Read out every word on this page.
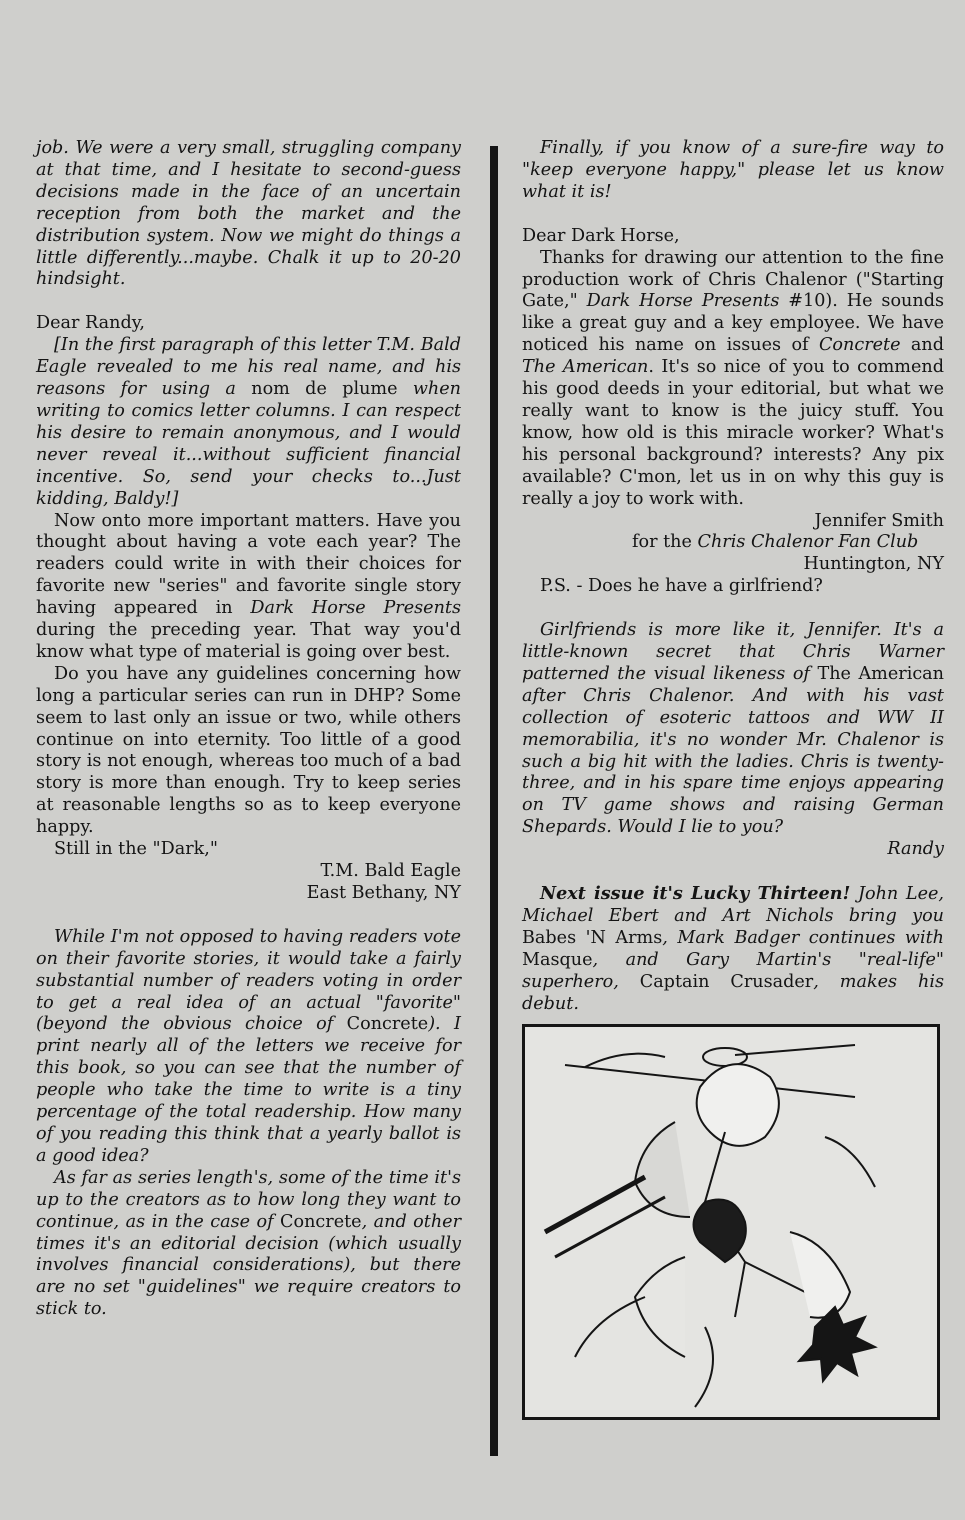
job. We were a very small, struggling company at that time, and I hesitate to second-guess decisions made in the face of an uncertain reception from both the market and the distribution system. Now we might do things a little differently...maybe. Chalk it up to 20-20 hindsight.

Dear Randy,

[In the first paragraph of this letter T.M. Bald Eagle revealed to me his real name, and his reasons for using a nom de plume when writing to comics letter columns. I can respect his desire to remain anonymous, and I would never reveal it...without sufficient financial incentive. So, send your checks to...Just kidding, Baldy!]

Now onto more important matters. Have you thought about having a vote each year? The readers could write in with their choices for favorite new "series" and favorite single story having appeared in Dark Horse Presents during the preceding year. That way you'd know what type of material is going over best.

Do you have any guidelines concerning how long a particular series can run in DHP? Some seem to last only an issue or two, while others continue on into eternity. Too little of a good story is not enough, whereas too much of a bad story is more than enough. Try to keep series at reasonable lengths so as to keep everyone happy.

Still in the "Dark,"

T.M. Bald Eagle

East Bethany, NY

While I'm not opposed to having readers vote on their favorite stories, it would take a fairly substantial number of readers voting in order to get a real idea of an actual "favorite" (beyond the obvious choice of Concrete). I print nearly all of the letters we receive for this book, so you can see that the number of people who take the time to write is a tiny percentage of the total readership. How many of you reading this think that a yearly ballot is a good idea?

As far as series length's, some of the time it's up to the creators as to how long they want to continue, as in the case of Concrete, and other times it's an editorial decision (which usually involves financial considerations), but there are no set "guidelines" we require creators to stick to.

Finally, if you know of a sure-fire way to "keep everyone happy," please let us know what it is!

Dear Dark Horse,

Thanks for drawing our attention to the fine production work of Chris Chalenor ("Starting Gate," Dark Horse Presents #10). He sounds like a great guy and a key employee. We have noticed his name on issues of Concrete and The American. It's so nice of you to commend his good deeds in your editorial, but what we really want to know is the juicy stuff. You know, how old is this miracle worker? What's his personal background? interests? Any pix available? C'mon, let us in on why this guy is really a joy to work with.

Jennifer Smith

for the Chris Chalenor Fan Club

Huntington, NY

P.S. - Does he have a girlfriend?

Girlfriends is more like it, Jennifer. It's a little-known secret that Chris Warner patterned the visual likeness of The American after Chris Chalenor. And with his vast collection of esoteric tattoos and WW II memorabilia, it's no wonder Mr. Chalenor is such a big hit with the ladies. Chris is twenty-three, and in his spare time enjoys appearing on TV game shows and raising German Shepards. Would I lie to you?

Randy

Next issue it's Lucky Thirteen! John Lee, Michael Ebert and Art Nichols bring you Babes 'N Arms, Mark Badger continues with Masque, and Gary Martin's "real-life" superhero, Captain Crusader, makes his debut.
